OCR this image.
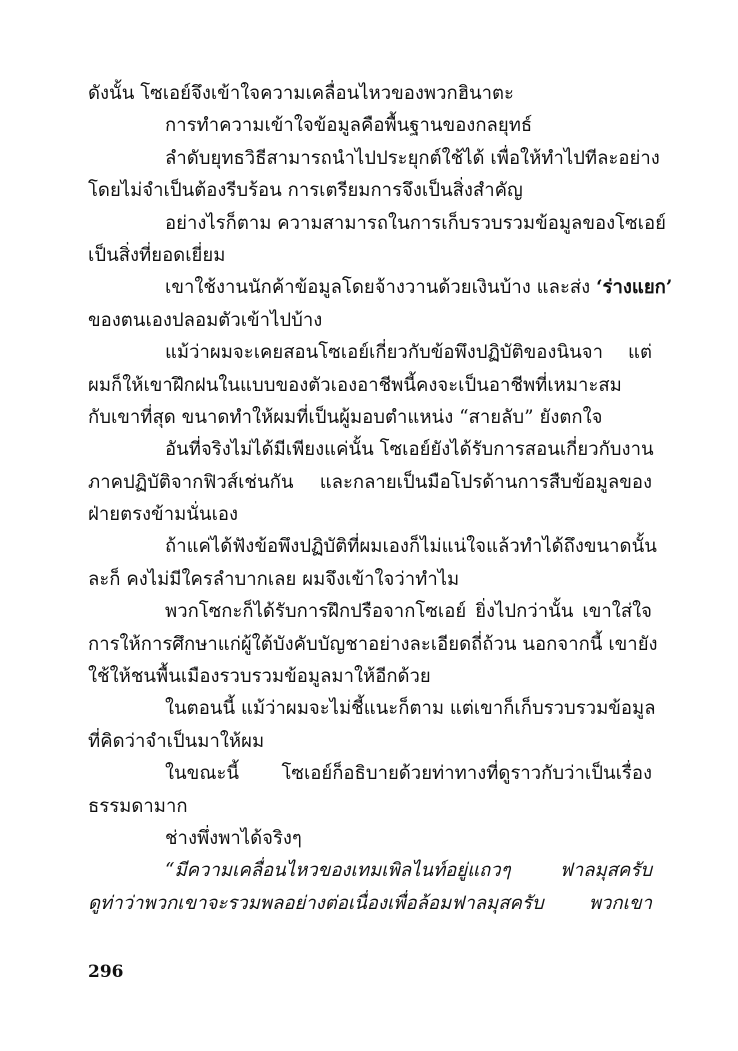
ดังนั้น โซเอย์จึงเข้าใจความเคลื่อนไหวของพวกฮินาตะ
การทำความเข้าใจข้อมูลคือพื้นฐานของกลยุทธ์
ลำดับยุทธวิธีสามารถนำไปประยุกต์ใช้ได้ เพื่อให้ทำไปทีละอย่าง
โดยไม่จำเป็นต้องรีบร้อน การเตรียมการจึงเป็นสิ่งสำคัญ
อย่างไรก็ตาม ความสามารถในการเก็บรวบรวมข้อมูลของโซเอย์
เป็นสิ่งที่ยอดเยี่ยม
เขาใช้งานนักค้าข้อมูลโดยจ้างวานด้วยเงินบ้าง และส่ง ‘ร่างแยก’
ของตนเองปลอมตัวเข้าไปบ้าง
แม้ว่าผมจะเคยสอนโซเอย์เกี่ยวกับข้อพึงปฏิบัติของนินจา แต่
ผมก็ให้เขาฝึกฝนในแบบของตัวเองอาชีพนี้คงจะเป็นอาชีพที่เหมาะสม
กับเขาที่สุด ขนาดทำให้ผมที่เป็นผู้มอบตำแหน่ง “สายลับ” ยังตกใจ
อันที่จริงไม่ได้มีเพียงแค่นั้น โซเอย์ยังได้รับการสอนเกี่ยวกับงาน
ภาคปฏิบัติจากฟิวส์เช่นกัน และกลายเป็นมือโปรด้านการสืบข้อมูลของ
ฝ่ายตรงข้ามนั่นเอง
ถ้าแค่ได้ฟังข้อพึงปฏิบัติที่ผมเองก็ไม่แน่ใจแล้วทำได้ถึงขนาดนั้น
ละก็ คงไม่มีใครลำบากเลย ผมจึงเข้าใจว่าทำไม
พวกโซกะก็ได้รับการฝึกปรือจากโซเอย์ ยิ่งไปกว่านั้น เขาใส่ใจ
การให้การศึกษาแก่ผู้ใต้บังคับบัญชาอย่างละเอียดถี่ถ้วน นอกจากนี้ เขายัง
ใช้ให้ชนพื้นเมืองรวบรวมข้อมูลมาให้อีกด้วย
ในตอนนี้ แม้ว่าผมจะไม่ชี้แนะก็ตาม แต่เขาก็เก็บรวบรวมข้อมูล
ที่คิดว่าจำเป็นมาให้ผม
ในขณะนี้ โซเอย์ก็อธิบายด้วยท่าทางที่ดูราวกับว่าเป็นเรื่อง
ธรรมดามาก
ช่างพึ่งพาได้จริงๆ
“มีความเคลื่อนไหวของเทมเพิลไนท์อยู่แถวๆ ฟาลมุสครับ
ดูท่าว่าพวกเขาจะรวมพลอย่างต่อเนื่องเพื่อล้อมฟาลมุสครับ พวกเขา
296
